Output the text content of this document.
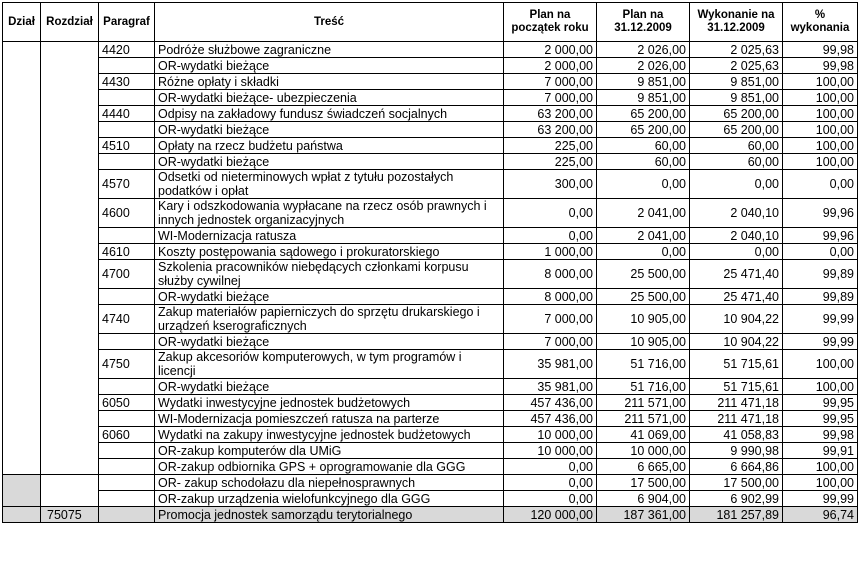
Dział	Rozdział	Paragraf	Treść	Plan na początek roku	Plan na 31.12.2009	Wykonanie na 31.12.2009	% wykonania
		4420	Podróże służbowe zagraniczne	2 000,00	2 026,00	2 025,63	99,98
			OR-wydatki bieżące	2 000,00	2 026,00	2 025,63	99,98
		4430	Różne opłaty i składki	7 000,00	9 851,00	9 851,00	100,00
			OR-wydatki bieżące- ubezpieczenia	7 000,00	9 851,00	9 851,00	100,00
		4440	Odpisy na zakładowy fundusz świadczeń socjalnych	63 200,00	65 200,00	65 200,00	100,00
			OR-wydatki bieżące	63 200,00	65 200,00	65 200,00	100,00
		4510	Opłaty na rzecz budżetu państwa	225,00	60,00	60,00	100,00
			OR-wydatki bieżące	225,00	60,00	60,00	100,00
		4570	Odsetki od nieterminowych wpłat z tytułu pozostałych podatków i opłat	300,00	0,00	0,00	0,00
		4600	Kary i odszkodowania wypłacane na rzecz osób prawnych i innych jednostek organizacyjnych	0,00	2 041,00	2 040,10	99,96
			WI-Modernizacja ratusza	0,00	2 041,00	2 040,10	99,96
		4610	Koszty postępowania sądowego i prokuratorskiego	1 000,00	0,00	0,00	0,00
		4700	Szkolenia pracowników niebędących członkami korpusu służby cywilnej	8 000,00	25 500,00	25 471,40	99,89
			OR-wydatki bieżące	8 000,00	25 500,00	25 471,40	99,89
		4740	Zakup materiałów papierniczych do sprzętu drukarskiego i urządzeń kserograficznych	7 000,00	10 905,00	10 904,22	99,99
			OR-wydatki bieżące	7 000,00	10 905,00	10 904,22	99,99
		4750	Zakup akcesoriów komputerowych, w tym programów i licencji	35 981,00	51 716,00	51 715,61	100,00
			OR-wydatki bieżące	35 981,00	51 716,00	51 715,61	100,00
		6050	Wydatki inwestycyjne jednostek budżetowych	457 436,00	211 571,00	211 471,18	99,95
			WI-Modernizacja pomieszczeń ratusza na parterze	457 436,00	211 571,00	211 471,18	99,95
		6060	Wydatki na zakupy inwestycyjne jednostek budżetowych	10 000,00	41 069,00	41 058,83	99,98
			OR-zakup komputerów dla UMiG	10 000,00	10 000,00	9 990,98	99,91
			OR-zakup odbiornika GPS + oprogramowanie dla GGG	0,00	6 665,00	6 664,86	100,00
			OR- zakup schodołazu dla niepełnosprawnych	0,00	17 500,00	17 500,00	100,00
			OR-zakup urządzenia wielofunkcyjnego dla GGG	0,00	6 904,00	6 902,99	99,99
	75075		Promocja jednostek samorządu terytorialnego	120 000,00	187 361,00	181 257,89	96,74
